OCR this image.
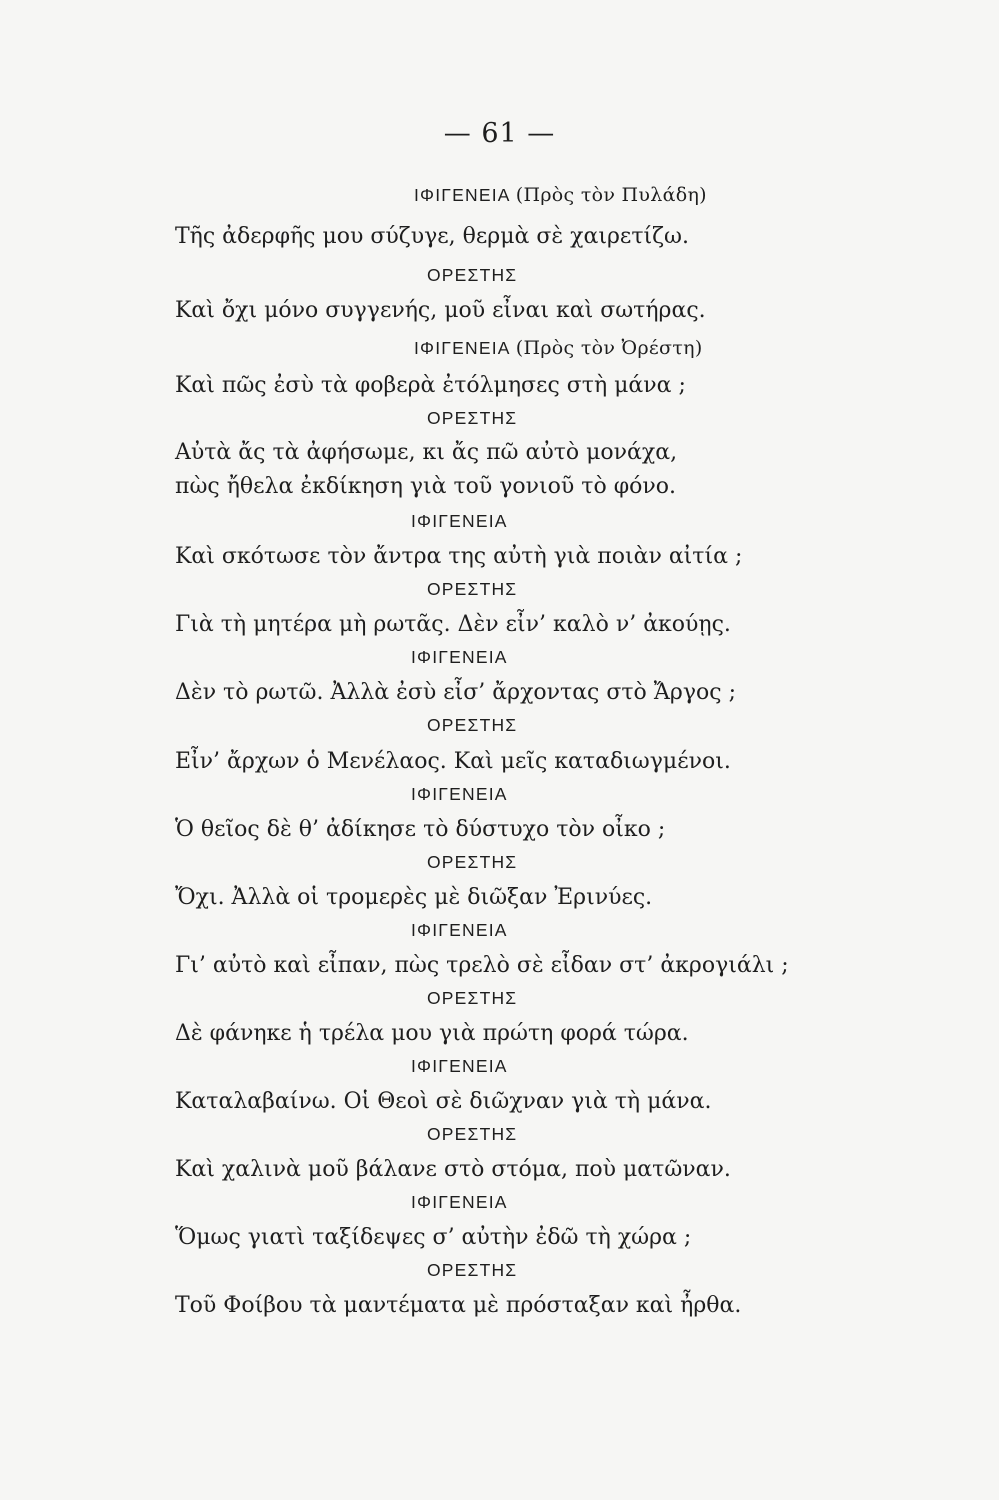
— 61 —
ΙΦΙΓΕΝΕΙΑ (Πρὸς τὸν Πυλάδη)
Τῆς ἀδερφῆς μου σύζυγε, θερμὰ σὲ χαιρετίζω.
ΟΡΕΣΤΗΣ
Καὶ ὄχι μόνο συγγενής, μοῦ εἶναι καὶ σωτήρας.
ΙΦΙΓΕΝΕΙΑ (Πρὸς τὸν Ὀρέστη)
Καὶ πῶς ἐσὺ τὰ φοβερὰ ἐτόλμησες στὴ μάνα ;
ΟΡΕΣΤΗΣ
Αὐτὰ ἄς τὰ ἀφήσωμε, κι ἄς πῶ αὐτὸ μονάχα,
πὼς ἤθελα ἐκδίκηση γιὰ τοῦ γονιοῦ τὸ φόνο.
ΙΦΙΓΕΝΕΙΑ
Καὶ σκότωσε τὸν ἄντρα της αὐτὴ γιὰ ποιὰν αἰτία ;
ΟΡΕΣΤΗΣ
Γιὰ τὴ μητέρα μὴ ρωτᾶς. Δὲν εἶν’ καλὸ ν’ ἀκούῃς.
ΙΦΙΓΕΝΕΙΑ
Δὲν τὸ ρωτῶ. Ἀλλὰ ἐσὺ εἶσ’ ἄρχοντας στὸ Ἄργος ;
ΟΡΕΣΤΗΣ
Εἶν’ ἄρχων ὁ Μενέλαος. Καὶ μεῖς καταδιωγμένοι.
ΙΦΙΓΕΝΕΙΑ
Ὁ θεῖος δὲ θ’ ἀδίκησε τὸ δύστυχο τὸν οἶκο ;
ΟΡΕΣΤΗΣ
Ὄχι. Ἀλλὰ οἱ τρομερὲς μὲ διῶξαν Ἐρινύες.
ΙΦΙΓΕΝΕΙΑ
Γι’ αὐτὸ καὶ εἶπαν, πὼς τρελὸ σὲ εἶδαν στ’ ἀκρογιάλι ;
ΟΡΕΣΤΗΣ
Δὲ φάνηκε ἡ τρέλα μου γιὰ πρώτη φορά τώρα.
ΙΦΙΓΕΝΕΙΑ
Καταλαβαίνω. Οἱ Θεοὶ σὲ διῶχναν γιὰ τὴ μάνα.
ΟΡΕΣΤΗΣ
Καὶ χαλινὰ μοῦ βάλανε στὸ στόμα, ποὺ ματῶναν.
ΙΦΙΓΕΝΕΙΑ
Ὅμως γιατὶ ταξίδεψες σ’ αὐτὴν ἐδῶ τὴ χώρα ;
ΟΡΕΣΤΗΣ
Τοῦ Φοίβου τὰ μαντέματα μὲ πρόσταξαν καὶ ἦρθα.
